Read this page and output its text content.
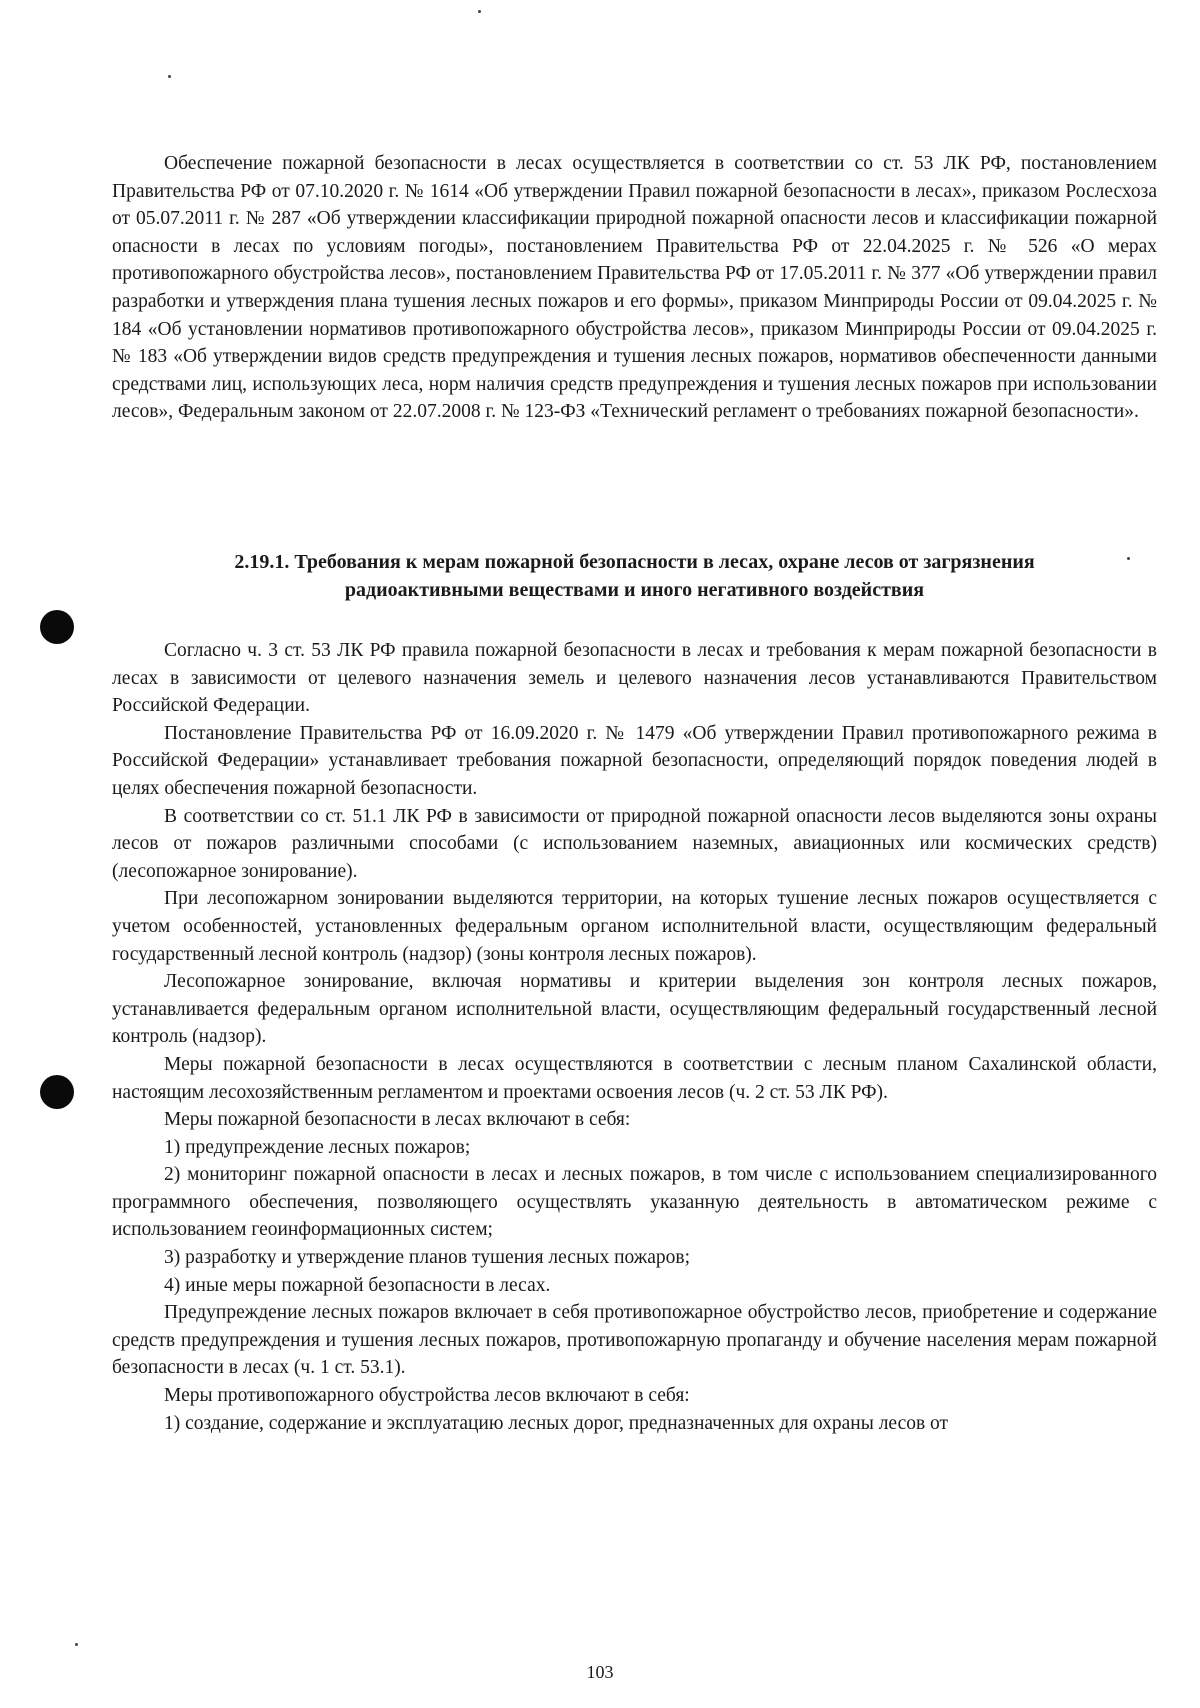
Обеспечение пожарной безопасности в лесах осуществляется в соответствии со ст. 53 ЛК РФ, постановлением Правительства РФ от 07.10.2020 г. № 1614 «Об утверждении Правил пожарной безопасности в лесах», приказом Рослесхоза от 05.07.2011 г. № 287 «Об утверждении классификации природной пожарной опасности лесов и классификации пожарной опасности в лесах по условиям погоды», постановлением Правительства РФ от 22.04.2025 г. № 526 «О мерах противопожарного обустройства лесов», постановлением Правительства РФ от 17.05.2011 г. № 377 «Об утверждении правил разработки и утверждения плана тушения лесных пожаров и его формы», приказом Минприроды России от 09.04.2025 г. № 184 «Об установлении нормативов противопожарного обустройства лесов», приказом Минприроды России от 09.04.2025 г. № 183 «Об утверждении видов средств предупреждения и тушения лесных пожаров, нормативов обеспеченности данными средствами лиц, использующих леса, норм наличия средств предупреждения и тушения лесных пожаров при использовании лесов», Федеральным законом от 22.07.2008 г. № 123-ФЗ «Технический регламент о требованиях пожарной безопасности».

2.19.1. Требования к мерам пожарной безопасности в лесах, охране лесов от загрязнения
радиоактивными веществами и иного негативного воздействия

Согласно ч. 3 ст. 53 ЛК РФ правила пожарной безопасности в лесах и требования к мерам пожарной безопасности в лесах в зависимости от целевого назначения земель и целевого назначения лесов устанавливаются Правительством Российской Федерации.

Постановление Правительства РФ от 16.09.2020 г. № 1479 «Об утверждении Правил противопожарного режима в Российской Федерации» устанавливает требования пожарной безопасности, определяющий порядок поведения людей в целях обеспечения пожарной безопасности.

В соответствии со ст. 51.1 ЛК РФ в зависимости от природной пожарной опасности лесов выделяются зоны охраны лесов от пожаров различными способами (с использованием наземных, авиационных или космических средств) (лесопожарное зонирование).

При лесопожарном зонировании выделяются территории, на которых тушение лесных пожаров осуществляется с учетом особенностей, установленных федеральным органом исполнительной власти, осуществляющим федеральный государственный лесной контроль (надзор) (зоны контроля лесных пожаров).

Лесопожарное зонирование, включая нормативы и критерии выделения зон контроля лесных пожаров, устанавливается федеральным органом исполнительной власти, осуществляющим федеральный государственный лесной контроль (надзор).

Меры пожарной безопасности в лесах осуществляются в соответствии с лесным планом Сахалинской области, настоящим лесохозяйственным регламентом и проектами освоения лесов (ч. 2 ст. 53 ЛК РФ).

Меры пожарной безопасности в лесах включают в себя:

1) предупреждение лесных пожаров;

2) мониторинг пожарной опасности в лесах и лесных пожаров, в том числе с использованием специализированного программного обеспечения, позволяющего осуществлять указанную деятельность в автоматическом режиме с использованием геоинформационных систем;

3) разработку и утверждение планов тушения лесных пожаров;

4) иные меры пожарной безопасности в лесах.

Предупреждение лесных пожаров включает в себя противопожарное обустройство лесов, приобретение и содержание средств предупреждения и тушения лесных пожаров, противопожарную пропаганду и обучение населения мерам пожарной безопасности в лесах (ч. 1 ст. 53.1).

Меры противопожарного обустройства лесов включают в себя:

1) создание, содержание и эксплуатацию лесных дорог, предназначенных для охраны лесов от

103
